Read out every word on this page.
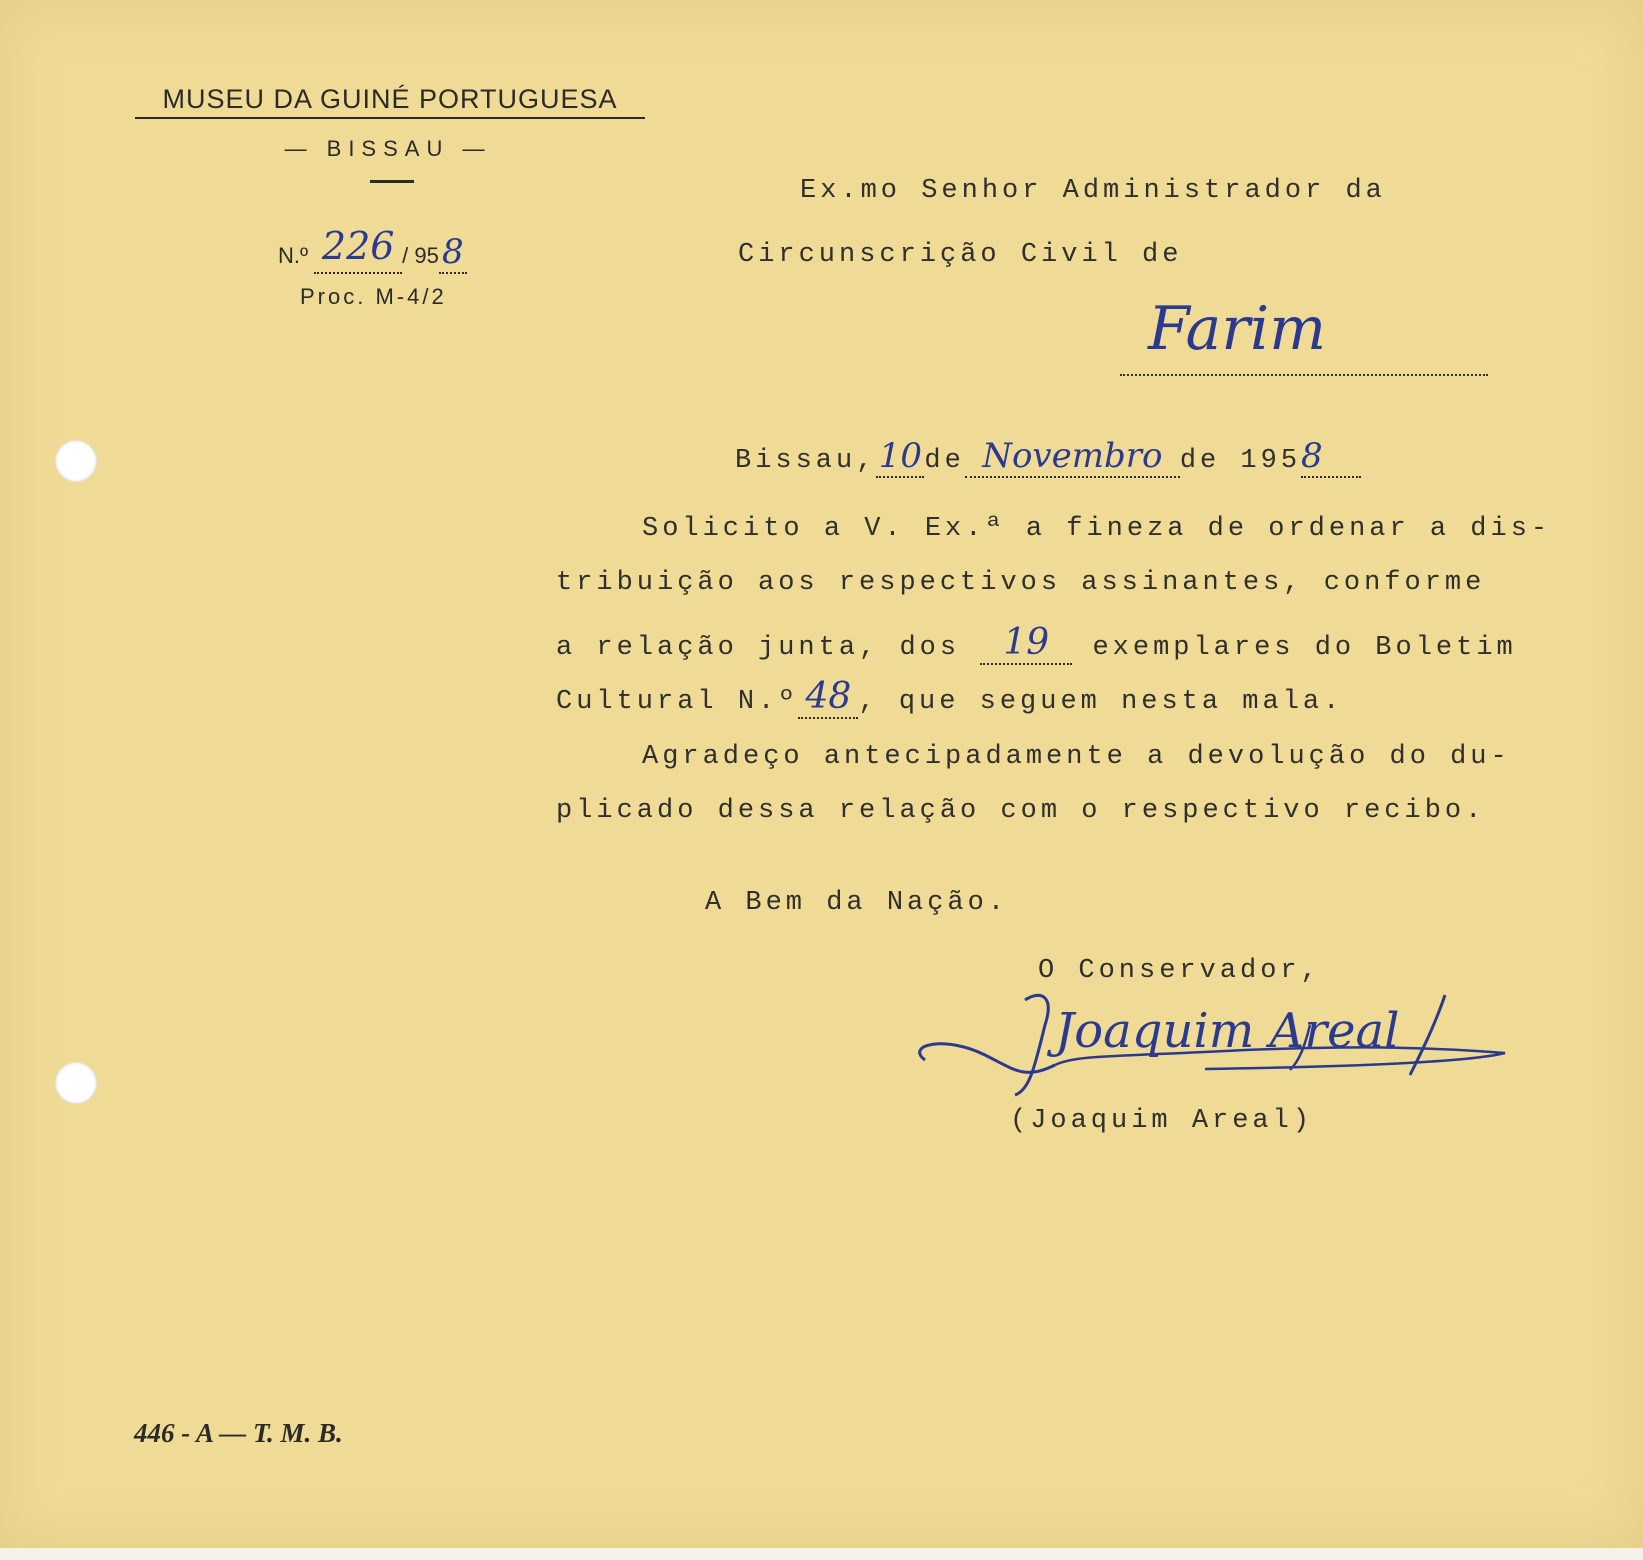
MUSEU DA GUINÉ PORTUGUESA
— BISSAU —
N.º 226 / 958
Proc. M-4/2
Ex.mo Senhor Administrador da
Circunscrição Civil de
Farim
Bissau,10de Novembro de 1958
Solicito a V. Ex.ª a fineza de ordenar a dis-
tribuição aos respectivos assinantes, conforme
a relação junta, dos 19 exemplares do Boletim
Cultural N.º 48 , que seguem nesta mala.
Agradeço antecipadamente a devolução do du-
plicado dessa relação com o respectivo recibo.
A Bem da Nação.
O Conservador,
Joaquim Areal
(Joaquim Areal)
446 - A — T. M. B.
